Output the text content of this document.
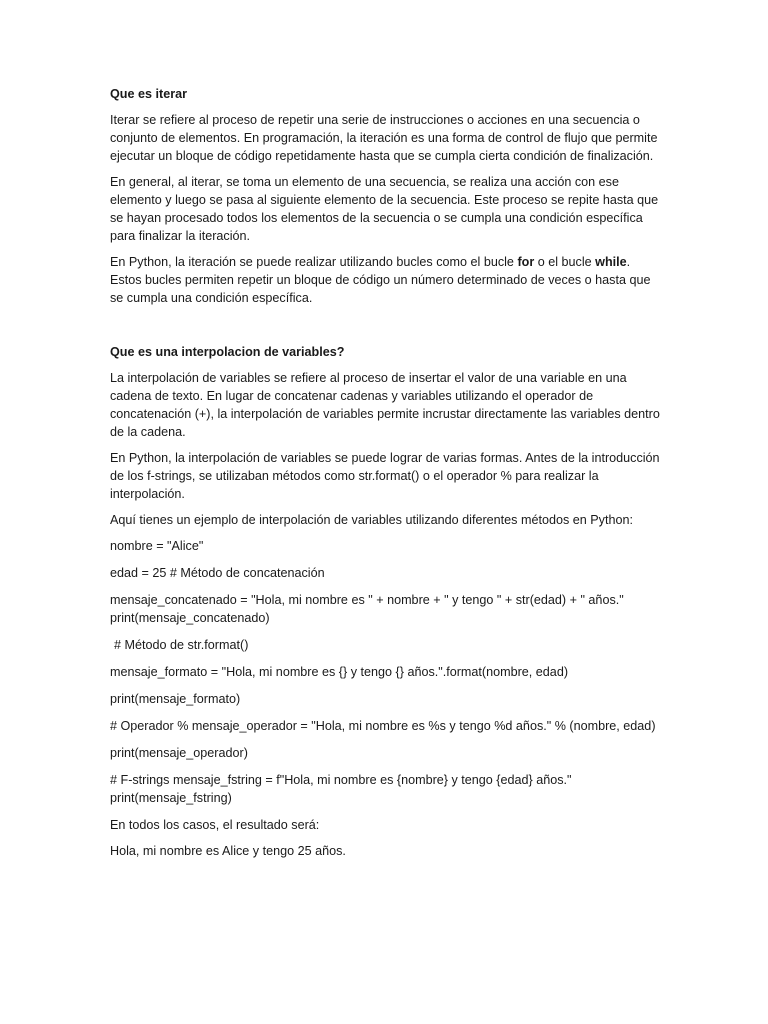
Que es iterar

Iterar se refiere al proceso de repetir una serie de instrucciones o acciones en una secuencia o conjunto de elementos. En programación, la iteración es una forma de control de flujo que permite ejecutar un bloque de código repetidamente hasta que se cumpla cierta condición de finalización.

En general, al iterar, se toma un elemento de una secuencia, se realiza una acción con ese elemento y luego se pasa al siguiente elemento de la secuencia. Este proceso se repite hasta que se hayan procesado todos los elementos de la secuencia o se cumpla una condición específica para finalizar la iteración.

En Python, la iteración se puede realizar utilizando bucles como el bucle for o el bucle while. Estos bucles permiten repetir un bloque de código un número determinado de veces o hasta que se cumpla una condición específica.

Que es una interpolacion de variables?

La interpolación de variables se refiere al proceso de insertar el valor de una variable en una cadena de texto. En lugar de concatenar cadenas y variables utilizando el operador de concatenación (+), la interpolación de variables permite incrustar directamente las variables dentro de la cadena.

En Python, la interpolación de variables se puede lograr de varias formas. Antes de la introducción de los f-strings, se utilizaban métodos como str.format() o el operador % para realizar la interpolación.

Aquí tienes un ejemplo de interpolación de variables utilizando diferentes métodos en Python:

nombre = "Alice"
edad = 25 # Método de concatenación
mensaje_concatenado = "Hola, mi nombre es " + nombre + " y tengo " + str(edad) + " años." print(mensaje_concatenado)
# Método de str.format()
mensaje_formato = "Hola, mi nombre es {} y tengo {} años.".format(nombre, edad)
print(mensaje_formato)
# Operador % mensaje_operador = "Hola, mi nombre es %s y tengo %d años." % (nombre, edad)
print(mensaje_operador)
# F-strings mensaje_fstring = f"Hola, mi nombre es {nombre} y tengo {edad} años." print(mensaje_fstring)

En todos los casos, el resultado será:

Hola, mi nombre es Alice y tengo 25 años.
